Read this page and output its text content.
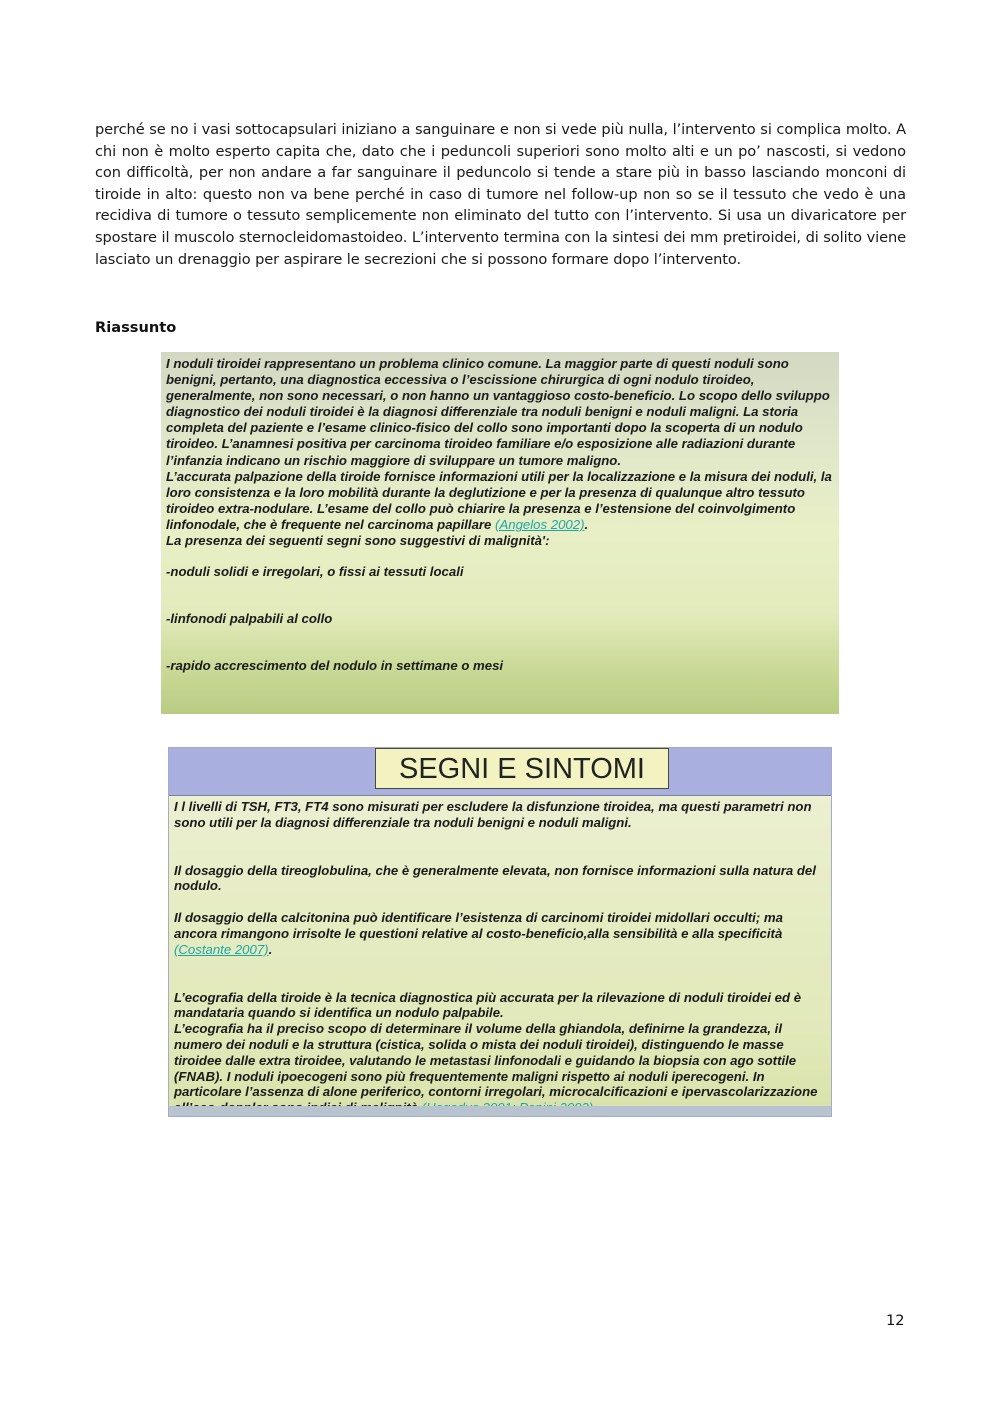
perché se no i vasi sottocapsulari iniziano a sanguinare e non si vede più nulla, l’intervento si complica molto. A chi non è molto esperto capita che, dato che i peduncoli superiori sono molto alti e un po’ nascosti, si vedono con difficoltà, per non andare a far sanguinare il peduncolo si tende a stare più in basso lasciando monconi di tiroide in alto: questo non va bene perché in caso di tumore nel follow-up non so se il tessuto che vedo è una recidiva di tumore o tessuto semplicemente non eliminato del tutto con l’intervento. Si usa un divaricatore per spostare il muscolo sternocleidomastoideo. L’intervento termina con la sintesi dei mm pretiroidei, di solito viene lasciato un drenaggio per aspirare le secrezioni che si possono formare dopo l’intervento.

Riassunto

I noduli tiroidei rappresentano un problema clinico comune. La maggior parte di questi noduli sono benigni, pertanto, una diagnostica eccessiva o l’escissione chirurgica di ogni nodulo tiroideo, generalmente, non sono necessari, o non hanno un vantaggioso costo-beneficio. Lo scopo dello sviluppo diagnostico dei noduli tiroidei è la diagnosi differenziale tra noduli benigni e noduli maligni. La storia completa del paziente e l’esame clinico-fisico del collo sono importanti dopo la scoperta di un nodulo tiroideo. L’anamnesi positiva per carcinoma tiroideo familiare e/o esposizione alle radiazioni durante l’infanzia indicano un rischio maggiore di sviluppare un tumore maligno.

L’accurata palpazione della tiroide fornisce informazioni utili per la localizzazione e la misura dei noduli, la loro consistenza e la loro mobilità durante la deglutizione e per la presenza di qualunque altro tessuto tiroideo extra-nodulare. L’esame del collo può chiarire la presenza e l’estensione del coinvolgimento linfonodale, che è frequente nel carcinoma papillare (Angelos 2002).

La presenza dei seguenti segni sono suggestivi di malignità':

-noduli solidi e irregolari, o fissi ai tessuti locali

-linfonodi palpabili al collo

-rapido accrescimento del nodulo in settimane o mesi

SEGNI E SINTOMI

I l livelli di TSH, FT3, FT4 sono misurati per escludere la disfunzione tiroidea, ma questi parametri non sono utili per la diagnosi differenziale tra noduli benigni e noduli maligni.

Il dosaggio della tireoglobulina, che è generalmente elevata, non fornisce informazioni sulla natura del nodulo.

Il dosaggio della calcitonina può identificare l’esistenza di carcinomi tiroidei midollari occulti; ma ancora rimangono irrisolte le questioni relative al costo-beneficio,alla sensibilità e alla specificità (Costante 2007).

L’ecografia della tiroide è la tecnica diagnostica più accurata per la rilevazione di noduli tiroidei ed è mandataria quando si identifica un nodulo palpabile.

L’ecografia ha il preciso scopo di determinare il volume della ghiandola, definirne la grandezza, il numero dei noduli e la struttura (cistica, solida o mista dei noduli tiroidei), distinguendo le masse tiroidee dalle extra tiroidee, valutando le metastasi linfonodali e guidando la biopsia con ago sottile (FNAB). I noduli ipoecogeni sono più frequentemente maligni rispetto ai noduli iperecogeni. In particolare l’assenza di alone periferico, contorni irregolari, microcalcificazioni e ipervascolarizzazione

12
